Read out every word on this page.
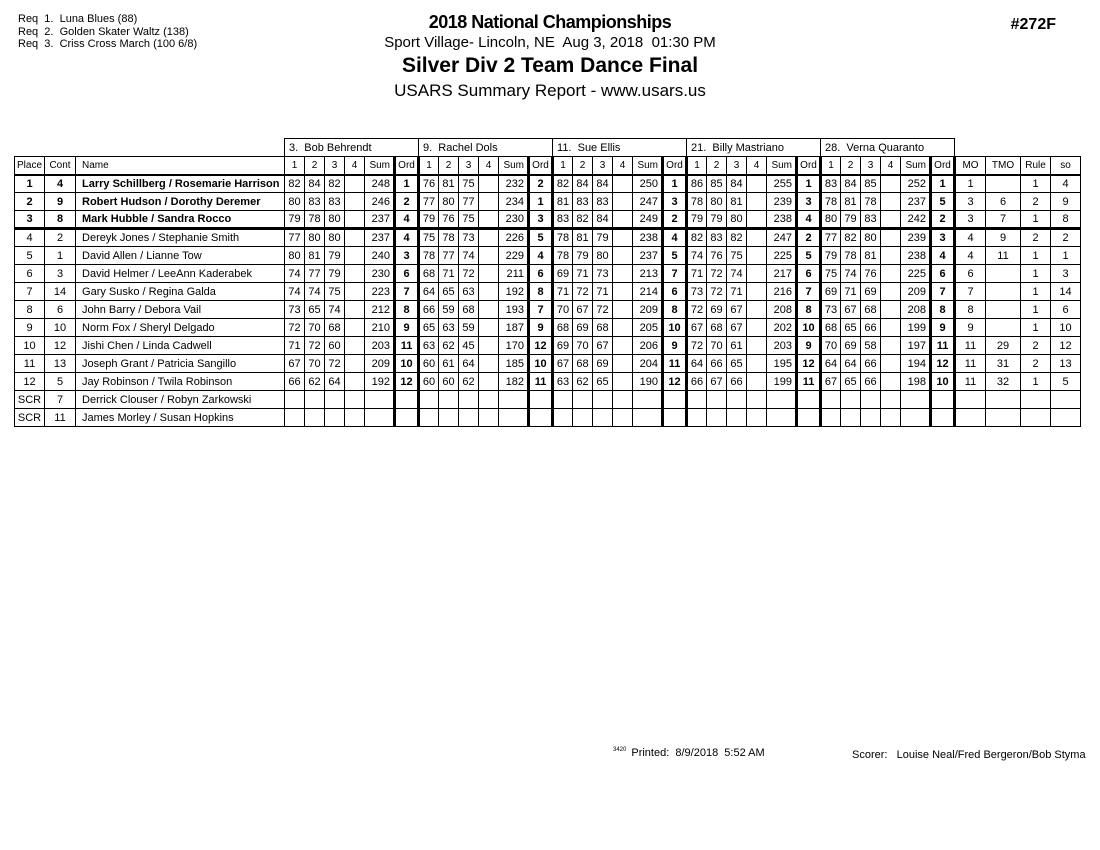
Req  1.  Luna Blues (88)
Req  2.  Golden Skater Waltz (138)
Req  3.  Criss Cross March (100 6/8)
2018 National Championships
Sport Village- Lincoln, NE  Aug 3, 2018  01:30 PM
Silver Div 2 Team Dance Final
USARS Summary Report - www.usars.us
#272F
			3.  Bob Behrendt						9.  Rachel Dols						11.  Sue Ellis						21.  Billy Mastriano						28.  Verna Quaranto									
Place	Cont	Name	1	2	3	4	Sum	Ord	1	2	3	4	Sum	Ord	1	2	3	4	Sum	Ord	1	2	3	4	Sum	Ord	1	2	3	4	Sum	Ord	MO	TMO	Rule	so
1	4	Larry Schillberg / Rosemarie Harrison	82	84	82		248	1	76	81	75		232	2	82	84	84		250	1	86	85	84		255	1	83	84	85		252	1	1		1	4
2	9	Robert Hudson / Dorothy Deremer	80	83	83		246	2	77	80	77		234	1	81	83	83		247	3	78	80	81		239	3	78	81	78		237	5	3	6	2	9
3	8	Mark Hubble / Sandra Rocco	79	78	80		237	4	79	76	75		230	3	83	82	84		249	2	79	79	80		238	4	80	79	83		242	2	3	7	1	8
4	2	Dereyk Jones / Stephanie Smith	77	80	80		237	4	75	78	73		226	5	78	81	79		238	4	82	83	82		247	2	77	82	80		239	3	4	9	2	2
5	1	David Allen / Lianne Tow	80	81	79		240	3	78	77	74		229	4	78	79	80		237	5	74	76	75		225	5	79	78	81		238	4	4	11	1	1
6	3	David Helmer / LeeAnn Kaderabek	74	77	79		230	6	68	71	72		211	6	69	71	73		213	7	71	72	74		217	6	75	74	76		225	6	6		1	3
7	14	Gary Susko / Regina Galda	74	74	75		223	7	64	65	63		192	8	71	72	71		214	6	73	72	71		216	7	69	71	69		209	7	7		1	14
8	6	John Barry / Debora Vail	73	65	74		212	8	66	59	68		193	7	70	67	72		209	8	72	69	67		208	8	73	67	68		208	8	8		1	6
9	10	Norm Fox / Sheryl Delgado	72	70	68		210	9	65	63	59		187	9	68	69	68		205	10	67	68	67		202	10	68	65	66		199	9	9		1	10
10	12	Jishi Chen / Linda Cadwell	71	72	60		203	11	63	62	45		170	12	69	70	67		206	9	72	70	61		203	9	70	69	58		197	11	11	29	2	12
11	13	Joseph Grant / Patricia Sangillo	67	70	72		209	10	60	61	64		185	10	67	68	69		204	11	64	66	65		195	12	64	64	66		194	12	11	31	2	13
12	5	Jay Robinson / Twila Robinson	66	62	64		192	12	60	60	62		182	11	63	62	65		190	12	66	67	66		199	11	67	65	66		198	10	11	32	1	5
SCR	7	Derrick Clouser / Robyn Zarkowski																																		
SCR	11	James Morley / Susan Hopkins																																		
$^{3420}$ Printed:  8/9/2018  5:52 AM	Scorer:   Louise Neal/Fred Bergeron/Bob Styma
